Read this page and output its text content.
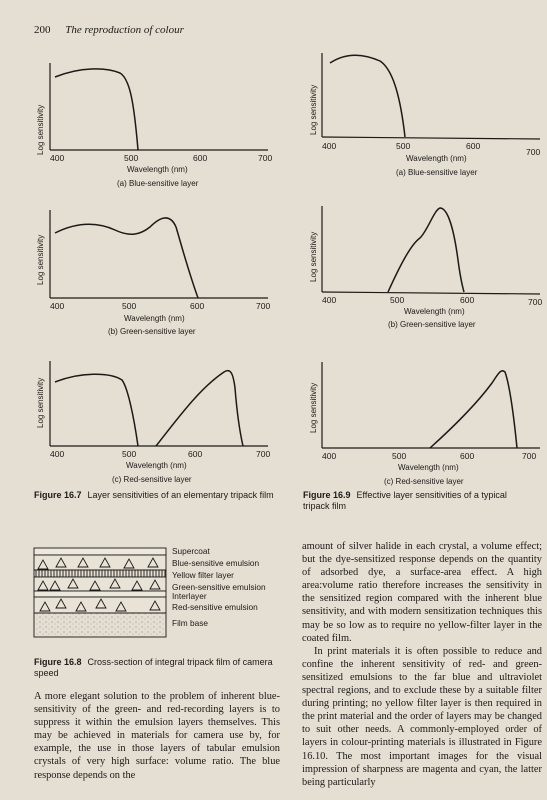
200 The reproduction of colour
Log sensitivity
400	500	600	700
Wavelength (nm)
(a) Blue-sensitive layer
Log sensitivity
400	500	600	700
Wavelength (nm)
(b) Green-sensitive layer
Log sensitivity
400	500	600	700
Wavelength (nm)
(c) Red-sensitive layer
Figure 16.7 Layer sensitivities of an elementary tripack film
Log sensitivity
400	500	600
700
Wavelength (nm)
(a) Blue-sensitive layer
Log sensitivity
400	500	600	700
Wavelength (nm)
(b) Green-sensitive layer
Log sensitivity
400	500	600	700
Wavelength (nm)
(c) Red-sensitive layer
Figure 16.9 Effective layer sensitivities of a typical tripack film
Supercoat
Blue-sensitive emulsion
Yellow filter layer
Green-sensitive emulsion
Interlayer
Red-sensitive emulsion
Film base
Figure 16.8 Cross-section of integral tripack film of camera speed
A more elegant solution to the problem of inherent blue-sensitivity of the green- and red-recording layers is to suppress it within the emulsion layers themselves. This may be achieved in materials for camera use by, for example, the use in those layers of tabular emulsion crystals of very high surface: volume ratio. The blue response depends on the
amount of silver halide in each crystal, a volume effect; but the dye-sensitized response depends on the quantity of adsorbed dye, a surface-area effect. A high area:volume ratio therefore increases the sensitivity in the sensitized region compared with the inherent blue sensitivity, and with modern sensitization techniques this may be so low as to require no yellow-filter layer in the coated film.
In print materials it is often possible to reduce and confine the inherent sensitivity of red- and green-sensitized emulsions to the far blue and ultraviolet spectral regions, and to exclude these by a suitable filter during printing; no yellow filter layer is then required in the print material and the order of layers may be changed to suit other needs. A commonly-employed order of layers in colour-printing materials is illustrated in Figure 16.10. The most important images for the visual impression of sharpness are magenta and cyan, the latter being particularly
